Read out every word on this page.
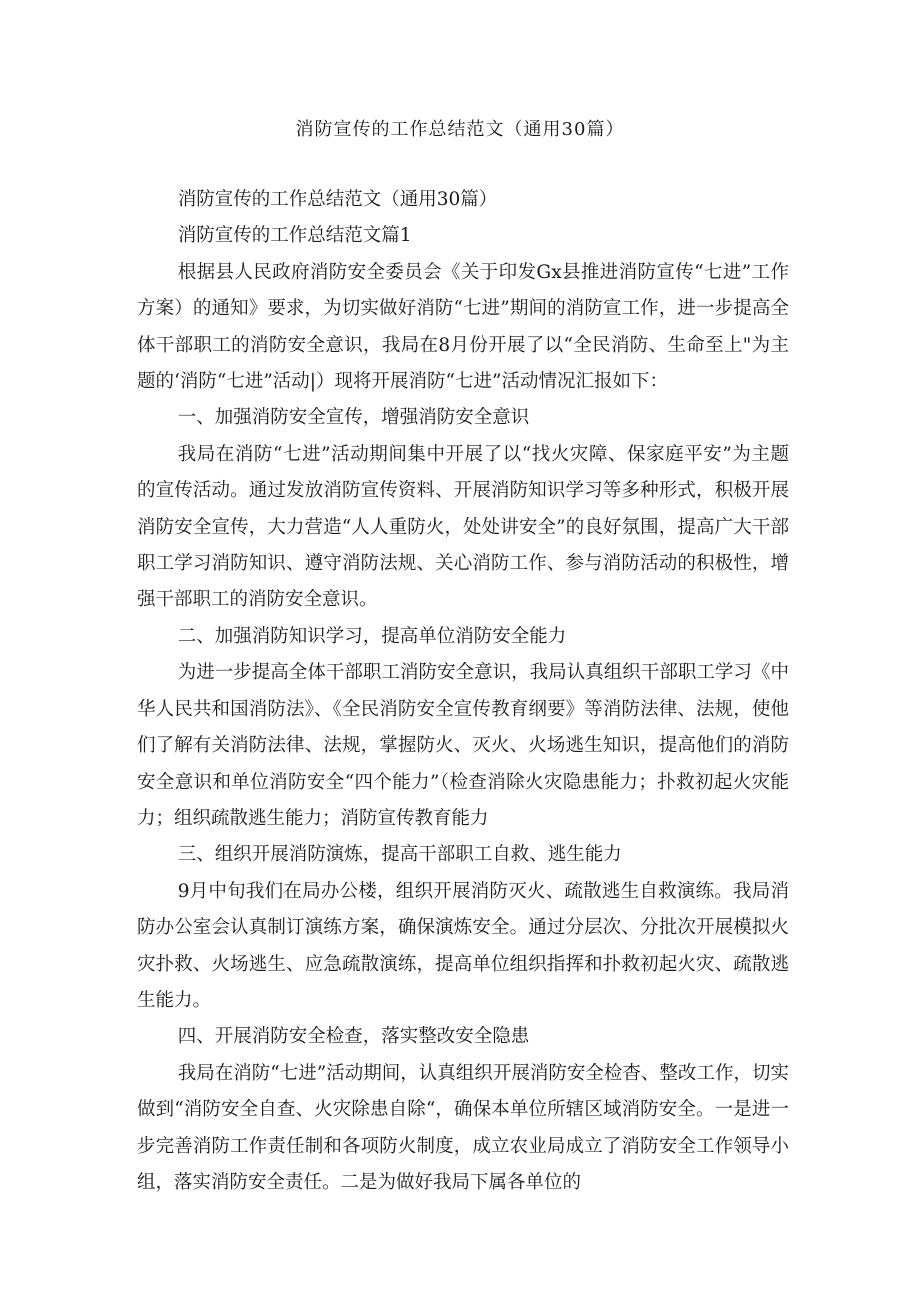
消防宣传的工作总结范文（通用30篇）

消防宣传的工作总结范文（通用30篇）

消防宣传的工作总结范文篇1

根据县人民政府消防安全委员会《关于印发Gx县推进消防宣传“七进”工作方案）的通知》要求，为切实做好消防“七进”期间的消防宣工作，进一步提高全体干部职工的消防安全意识，我局在8月份开展了以“全民消防、生命至上"为主题的‘消防“七进”活动|）现将开展消防“七进”活动情况汇报如下：

一、加强消防安全宣传，增强消防安全意识

我局在消防“七进”活动期间集中开展了以“找火灾障、保家庭平安”为主题的宣传活动。通过发放消防宣传资料、开展消防知识学习等多种形式，积极开展消防安全宣传，大力营造“人人重防火，处处讲安全”的良好氛围，提高广大干部职工学习消防知识、遵守消防法规、关心消防工作、参与消防活动的积极性，增强干部职工的消防安全意识。

二、加强消防知识学习，提高单位消防安全能力

为进一步提高全体干部职工消防安全意识，我局认真组织干部职工学习《中华人民共和国消防法》、《全民消防安全宣传教育纲要》等消防法律、法规，使他们了解有关消防法律、法规，掌握防火、灭火、火场逃生知识，提高他们的消防安全意识和单位消防安全“四个能力”（检查消除火灾隐患能力；扑救初起火灾能力；组织疏散逃生能力；消防宣传教育能力

三、组织开展消防演炼，提高干部职工自救、逃生能力

9月中旬我们在局办公楼，组织开展消防灭火、疏散逃生自救演练。我局消防办公室会认真制订演练方案，确保演炼安全。通过分层次、分批次开展模拟火灾扑救、火场逃生、应急疏散演练，提高单位组织指挥和扑救初起火灾、疏散逃生能力。

四、开展消防安全检查，落实整改安全隐患

我局在消防“七进”活动期间，认真组织开展消防安全检杳、整改工作，切实做到“消防安全自查、火灾除患自除“，确保本单位所辖区域消防安全。一是进一步完善消防工作责任制和各项防火制度，成立农业局成立了消防安全工作领导小组，落实消防安全责任。二是为做好我局下属各单位的
